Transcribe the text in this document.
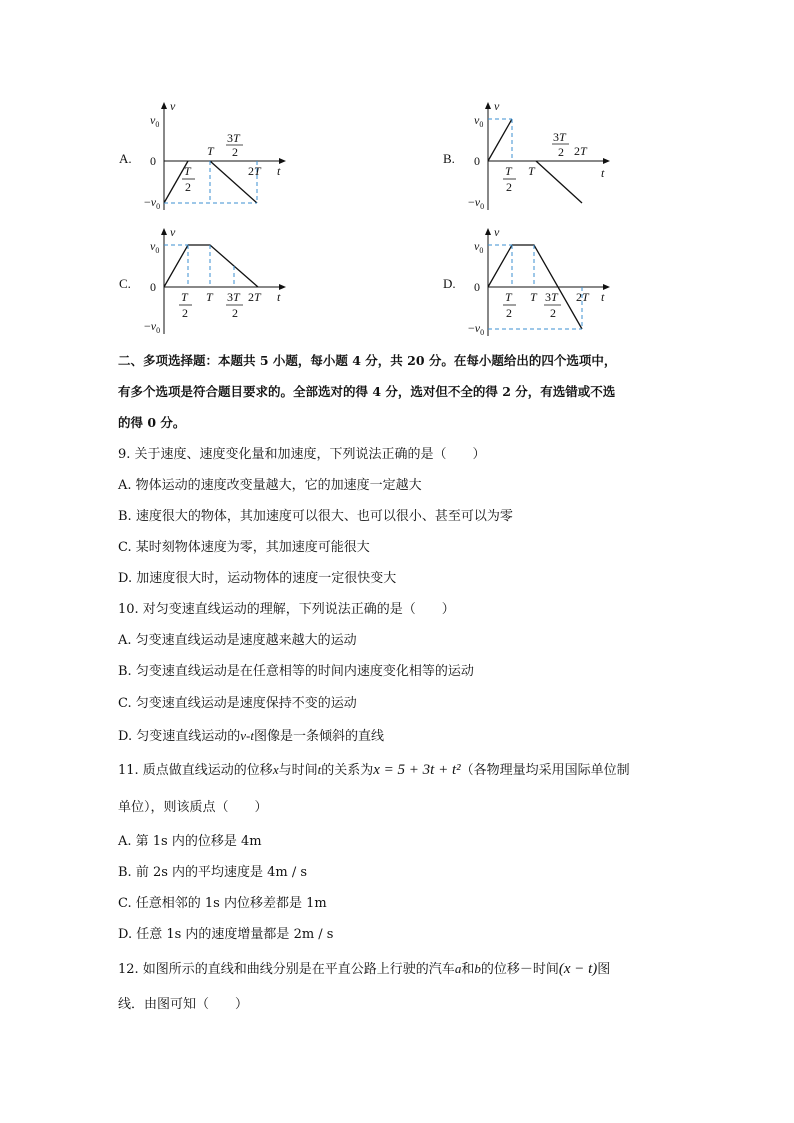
A.	B.
C.	D.
v
$v_0$
0
$-v_0$
t
T
T
2
3T
2
2T
v
$v_0$
0
$-v_0$
t
T
T
2
3T
2 2T
v
$v_0$
0
$-v_0$
t
T
T
2
3T
2
2T
v
$v_0$
0
$-v_0$
t
T
T
2
3T
2
2T
二、多项选择题：本题共 5 小题，每小题 4 分，共 20 分。在每小题给出的四个选项中，
有多个选项是符合题目要求的。全部选对的得 4 分，选对但不全的得 2 分，有选错或不选
的得 0 分。
9. 关于速度、速度变化量和加速度，下列说法正确的是（　　）
A. 物体运动的速度改变量越大，它的加速度一定越大
B. 速度很大的物体，其加速度可以很大、也可以很小、甚至可以为零
C. 某时刻物体速度为零，其加速度可能很大
D. 加速度很大时，运动物体的速度一定很快变大
10. 对匀变速直线运动的理解，下列说法正确的是（　　）
A. 匀变速直线运动是速度越来越大的运动
B. 匀变速直线运动是在任意相等的时间内速度变化相等的运动
C. 匀变速直线运动是速度保持不变的运动
D. 匀变速直线运动的v-t图像是一条倾斜的直线
11. 质点做直线运动的位移x与时间t的关系为x = 5 + 3t + t²（各物理量均采用国际单位制
单位），则该质点（　　）
A. 第 1s 内的位移是 4m
B. 前 2s 内的平均速度是 4m / s
C. 任意相邻的 1s 内位移差都是 1m
D. 任意 1s 内的速度增量都是 2m / s
12. 如图所示的直线和曲线分别是在平直公路上行驶的汽车a和b的位移－时间(x − t)图
线．由图可知（　　）
